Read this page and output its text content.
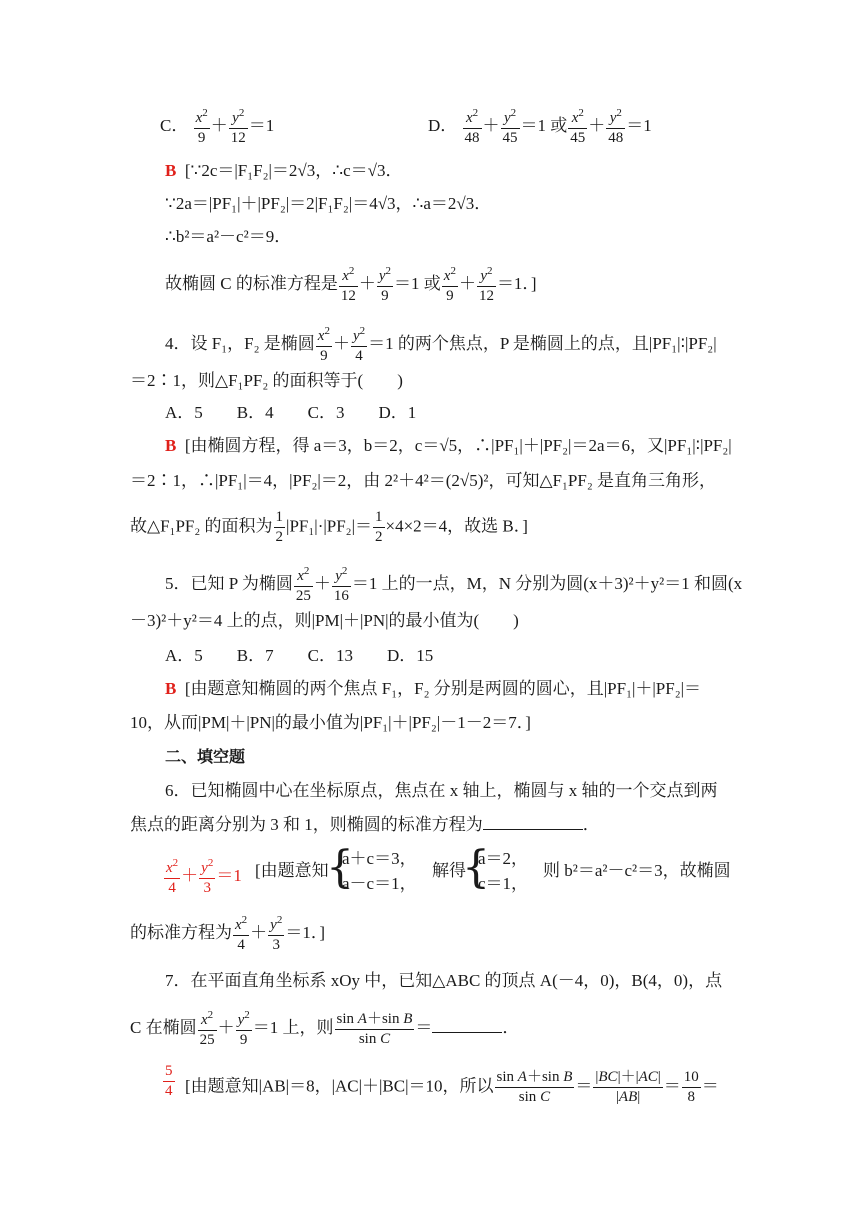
C． $\frac{x^2}{9} + \frac{y^2}{12} =1$	D． $\frac{x^2}{48} + \frac{y^2}{45} =1$ 或 $\frac{x^2}{45} + \frac{y^2}{48} =1$
B [∵2c＝|F₁F₂|＝2√3，∴c＝√3．
∵2a＝|PF₁|＋|PF₂|＝2|F₁F₂|＝4√3，∴a＝2√3．
∴b²＝a²－c²＝9．
故椭圆 C 的标准方程是 $\frac{x^2}{12} + \frac{y^2}{9} =1$ 或 $\frac{x^2}{9} + \frac{y^2}{12} =1$．]
4．设 F₁，F₂ 是椭圆 $\frac{x^2}{9} + \frac{y^2}{4} =1$ 的两个焦点，P 是椭圆上的点，且|PF₁|∶|PF₂|
＝2∶1，则△F₁PF₂ 的面积等于(　　)
A．5　　B．4　　C．3　　D．1
B [由椭圆方程，得 a＝3，b＝2，c＝√5，∴|PF₁|＋|PF₂|＝2a＝6，又|PF₁|∶|PF₂|
＝2∶1，∴|PF₁|＝4，|PF₂|＝2，由 2²＋4²＝(2√5)²，可知△F₁PF₂ 是直角三角形，
故△F₁PF₂ 的面积为 $\frac{1}{2} |PF_1|\cdot|PF_2|= \frac{1}{2} \times 4\times 2=4$，故选 B．]
5．已知 P 为椭圆 $\frac{x^2}{25} + \frac{y^2}{16} =1$ 上的一点，M，N 分别为圆(x＋3)²＋y²＝1 和圆(x
－3)²＋y²＝4 上的点，则|PM|＋|PN|的最小值为(　　)
A．5　　B．7　　C．13　　D．15
B [由题意知椭圆的两个焦点 F₁，F₂ 分别是两圆的圆心，且|PF₁|＋|PF₂|＝
10，从而|PM|＋|PN|的最小值为|PF₁|＋|PF₂|－1－2＝7．]
二、填空题
6．已知椭圆中心在坐标原点，焦点在 x 轴上，椭圆与 x 轴的一个交点到两
焦点的距离分别为 3 和 1，则椭圆的标准方程为	．
$\frac{x^2}{4} + \frac{y^2}{3} =1$ [由题意知
{
a＋c＝3，
a－c＝1，
解得
{
a＝2，
c＝1，
则 b²＝a²－c²＝3，故椭圆
的标准方程为 $\frac{x^2}{4} + \frac{y^2}{3} =1$．]
7．在平面直角坐标系 xOy 中，已知△ABC 的顶点 A(－4，0)，B(4，0)，点
C 在椭圆 $\frac{x^2}{25} + \frac{y^2}{9} =1$ 上，则 $\frac{\text{sin A＋sin B}}{\text{sin C}}$ ＝	．
$\frac{5}{4}$ [由题意知|AB|＝8，|AC|＋|BC|＝10，所以 $\frac{\text{sin A＋sin B}}{\text{sin C}} = \frac{|BC|+|AC|}{|AB|} = \frac{10}{8}$ ＝
